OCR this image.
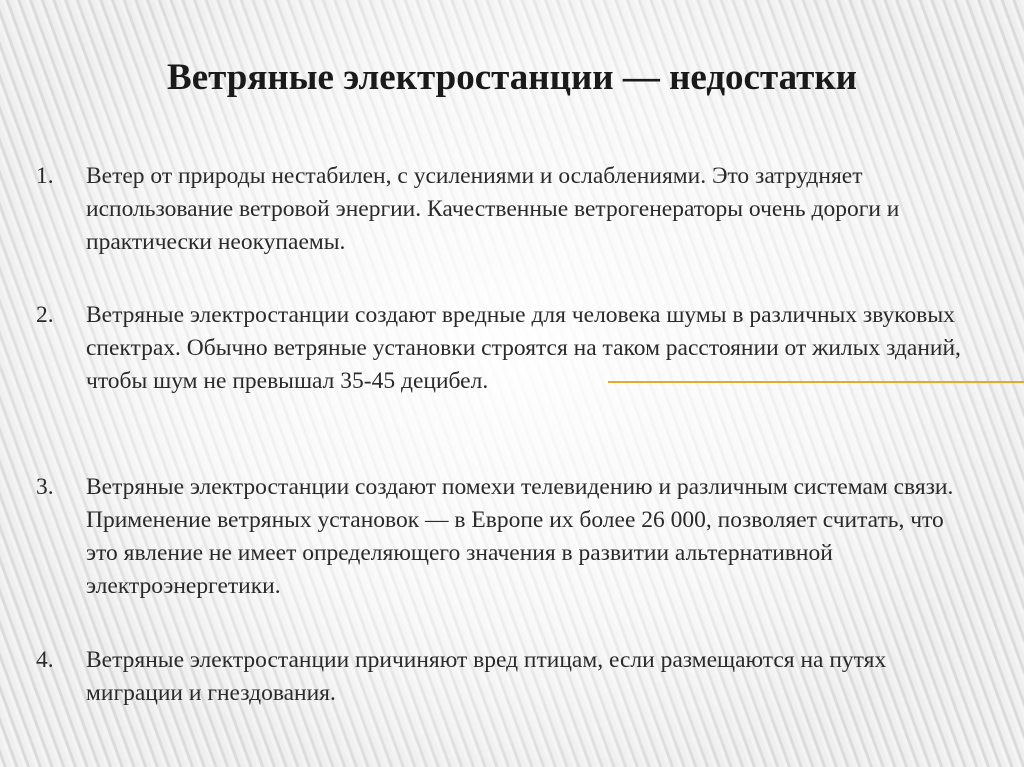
Ветряные электростанции — недостатки
1.	Ветер от природы нестабилен, с усилениями и ослаблениями. Это затрудняет использование ветровой энергии. Качественные ветрогенераторы очень дороги и практически неокупаемы.
2.	Ветряные электростанции создают вредные для человека шумы в различных звуковых спектрах. Обычно ветряные установки строятся на таком расстоянии от жилых зданий, чтобы шум не превышал 35-45 децибел.
3.	Ветряные электростанции создают помехи телевидению и различным системам связи. Применение ветряных установок — в Европе их более 26 000, позволяет считать, что это явление не имеет определяющего значения в развитии альтернативной электроэнергетики.
4.	Ветряные электростанции причиняют вред птицам, если размещаются на путях миграции и гнездования.
